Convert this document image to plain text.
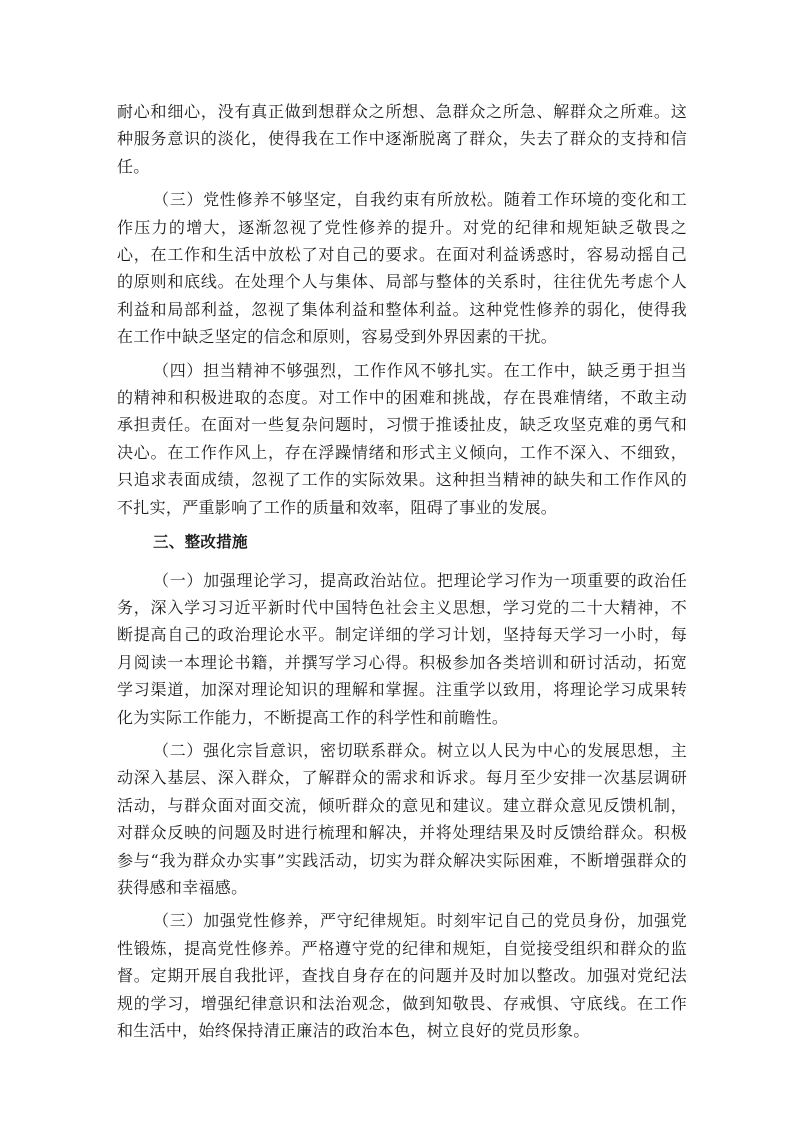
耐心和细心，没有真正做到想群众之所想、急群众之所急、解群众之所难。这种服务意识的淡化，使得我在工作中逐渐脱离了群众，失去了群众的支持和信任。

（三）党性修养不够坚定，自我约束有所放松。随着工作环境的变化和工作压力的增大，逐渐忽视了党性修养的提升。对党的纪律和规矩缺乏敬畏之心，在工作和生活中放松了对自己的要求。在面对利益诱惑时，容易动摇自己的原则和底线。在处理个人与集体、局部与整体的关系时，往往优先考虑个人利益和局部利益，忽视了集体利益和整体利益。这种党性修养的弱化，使得我在工作中缺乏坚定的信念和原则，容易受到外界因素的干扰。

（四）担当精神不够强烈，工作作风不够扎实。在工作中，缺乏勇于担当的精神和积极进取的态度。对工作中的困难和挑战，存在畏难情绪，不敢主动承担责任。在面对一些复杂问题时，习惯于推诿扯皮，缺乏攻坚克难的勇气和决心。在工作作风上，存在浮躁情绪和形式主义倾向，工作不深入、不细致，只追求表面成绩，忽视了工作的实际效果。这种担当精神的缺失和工作作风的不扎实，严重影响了工作的质量和效率，阻碍了事业的发展。

三、整改措施

（一）加强理论学习，提高政治站位。把理论学习作为一项重要的政治任务，深入学习习近平新时代中国特色社会主义思想，学习党的二十大精神，不断提高自己的政治理论水平。制定详细的学习计划，坚持每天学习一小时，每月阅读一本理论书籍，并撰写学习心得。积极参加各类培训和研讨活动，拓宽学习渠道，加深对理论知识的理解和掌握。注重学以致用，将理论学习成果转化为实际工作能力，不断提高工作的科学性和前瞻性。

（二）强化宗旨意识，密切联系群众。树立以人民为中心的发展思想，主动深入基层、深入群众，了解群众的需求和诉求。每月至少安排一次基层调研活动，与群众面对面交流，倾听群众的意见和建议。建立群众意见反馈机制，对群众反映的问题及时进行梳理和解决，并将处理结果及时反馈给群众。积极参与“我为群众办实事”实践活动，切实为群众解决实际困难，不断增强群众的获得感和幸福感。

（三）加强党性修养，严守纪律规矩。时刻牢记自己的党员身份，加强党性锻炼，提高党性修养。严格遵守党的纪律和规矩，自觉接受组织和群众的监督。定期开展自我批评，查找自身存在的问题并及时加以整改。加强对党纪法规的学习，增强纪律意识和法治观念，做到知敬畏、存戒惧、守底线。在工作和生活中，始终保持清正廉洁的政治本色，树立良好的党员形象。
